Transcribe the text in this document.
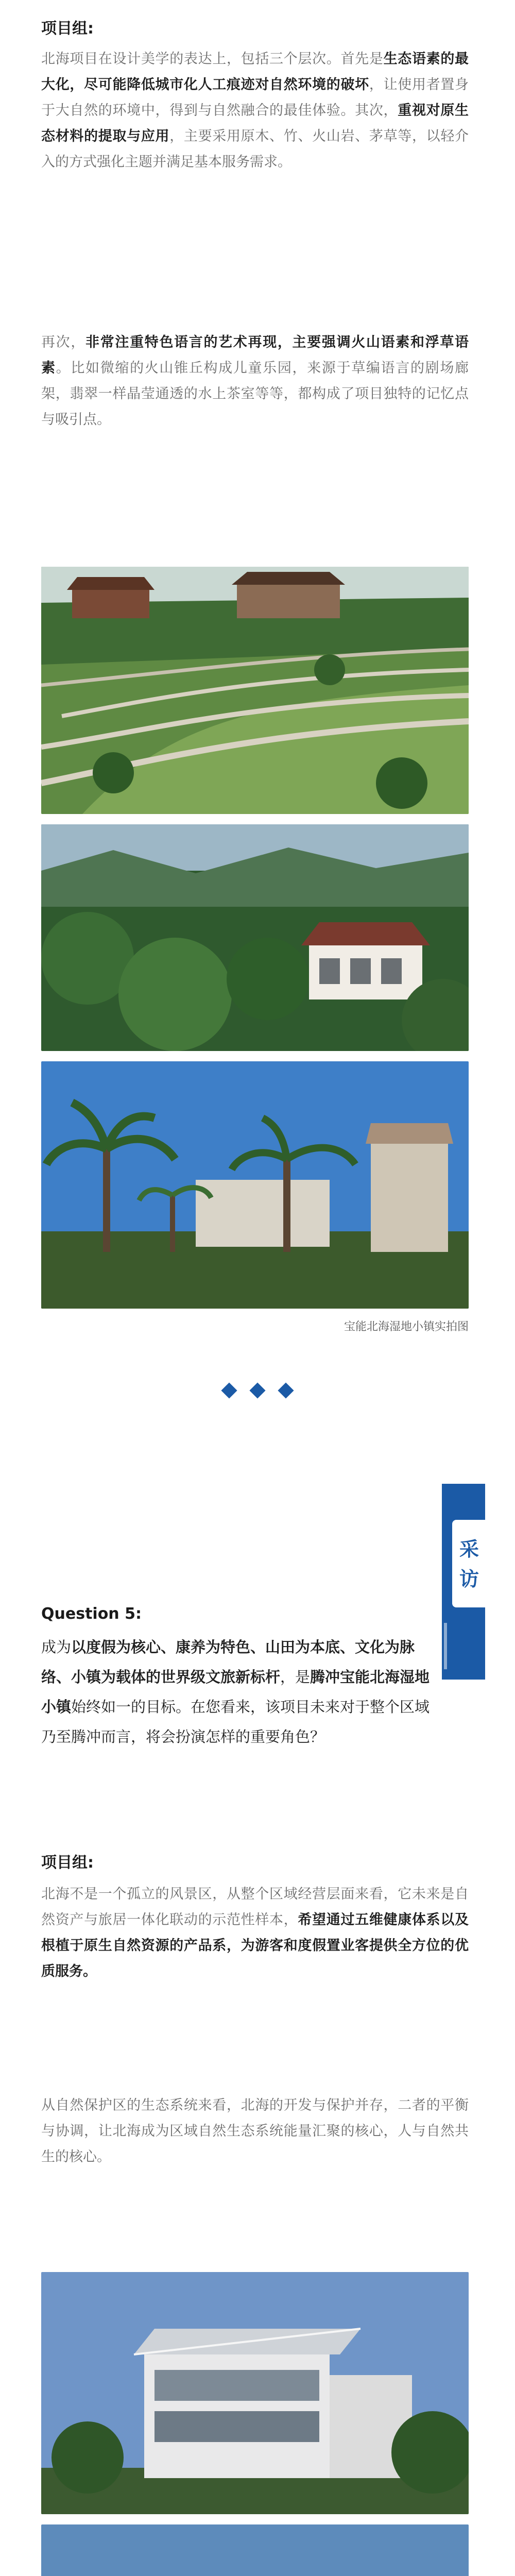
项目组:
北海项目在设计美学的表达上，包括三个层次。首先是生态语素的最大化，尽可能降低城市化人工痕迹对自然环境的破坏，让使用者置身于大自然的环境中，得到与自然融合的最佳体验。其次，重视对原生态材料的提取与应用，主要采用原木、竹、火山岩、茅草等，以轻介入的方式强化主题并满足基本服务需求。
再次，非常注重特色语言的艺术再现，主要强调火山语素和浮草语素。比如微缩的火山锥丘构成儿童乐园，来源于草编语言的剧场廊架，翡翠一样晶莹通透的水上茶室等等，都构成了项目独特的记忆点与吸引点。
宝能北海湿地小镇实拍图

采访
Question 5:
成为以度假为核心、康养为特色、山田为本底、文化为脉络、小镇为载体的世界级文旅新标杆，是腾冲宝能北海湿地小镇始终如一的目标。在您看来，该项目未来对于整个区域乃至腾冲而言，将会扮演怎样的重要角色？
项目组:
北海不是一个孤立的风景区，从整个区域经营层面来看，它未来是自然资产与旅居一体化联动的示范性样本，希望通过五维健康体系以及根植于原生自然资源的产品系，为游客和度假置业客提供全方位的优质服务。
从自然保护区的生态系统来看，北海的开发与保护并存，二者的平衡与协调，让北海成为区域自然生态系统能量汇聚的核心，人与自然共生的核心。
